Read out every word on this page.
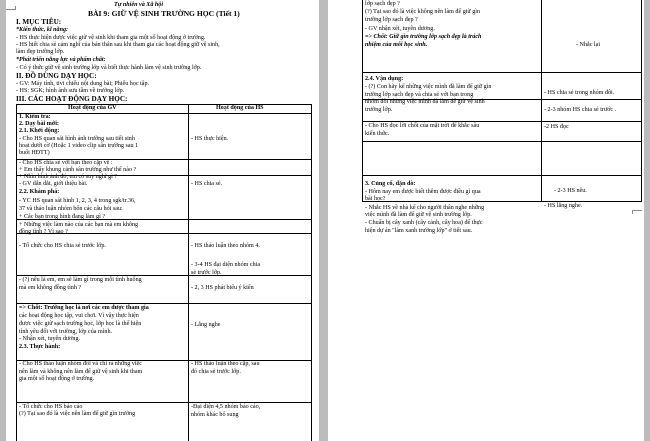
Tự nhiên và Xã hội
BÀI 9: GIỮ VỆ SINH TRƯỜNG HỌC (Tiết 1)
I. MỤC TIÊU:
*Kiến thức, kĩ năng:
- HS thực hiện được việc giữ vệ sinh khi tham gia một số hoạt động ở trường.
- HS biết chia sẻ cảm nghĩ của bản thân sau khi tham gia các hoạt động giữ vệ sinh,
làm đẹp trường lớp.
*Phát triển năng lực và phẩm chất:
- Có ý thức giữ vệ sinh trường lớp và biết thực hành làm vệ sinh trường lớp.
II. ĐỒ DÙNG DẠY HỌC:
- GV: Máy tính, tivi chiếu nội dung bài; Phiếu học tập.
- HS: SGK; hình ảnh sưu tầm về trường lớp.
III. CÁC HOẠT ĐỘNG DẠY HỌC:
Hoạt động của GV	Hoạt động của HS
1. Kiểm tra:
2. Dạy bài mới:
2.1. Khởi động:
- Cho HS quan sát hình ảnh trường sau tiết sinh
hoạt dưới cờ (Hoặc 1 video clip sân trường sau 1
buổi HĐTT)
- Cho HS chia sẻ với bạn theo cặp về :
+ Em thấy khung cảnh sân trường như thế nào ?
+ Nhìn hình ảnh đó, em có suy nghĩ gì ?
- GV dẫn dắt, giới thiệu bài.
2.2. Khám phá:
- YC HS quan sát hình 1, 2, 3, 4 trong sgk/tr.36,
37 và thảo luận nhóm bốn các câu hỏi sau:
+ Các bạn trong hình đang làm gì ?
+ Những việc làm nào của các bạn mà em không
đồng tình ? Vì sao ?
- Tổ chức cho HS chia sẻ trước lớp.
- (?) nêu là em, em sẽ làm gì trong mỗi tình huống
mà em không đồng tình ?
=> Chốt: Trường học là nơi các em được tham gia
các hoạt động học tập, vui chơi. Vì vậy thực hiện
được việc giữ sạch trường học, lớp học là thể hiện
tình yêu đối với trường, lớp của mình.
- Nhận xét, tuyên dương.
2.3. Thực hành:
- Cho HS thảo luận nhóm đôi và chỉ ra những việc
nên làm và không nên làm để giữ vệ sinh khi tham
gia một số hoạt động ở trường.
- Tổ chức cho HS báo cáo
(?) Tại sao đó là việc nên làm để giữ gìn trường
- HS thực hiện.
- HS chia sẻ.
- HS thảo luận theo nhóm 4.
- 3-4 HS đại diện nhóm chia
sẻ trước lớp.
- 2, 3 HS phát biểu ý kiến
- Lắng nghe
- HS thảo luận theo cặp, sau
đó chia sẻ trước lớp.
-Đại diện 4,5 nhóm báo cáo,
nhóm khác bổ sung
lớp sạch đẹp ?
(?) Tại sao đó là việc không nên làm để giữ gìn
trường lớp sạch đẹp ?
- GV nhận xét, tuyên dương.
=> Chốt: Giữ gìn trường lớp sạch đẹp là trách
nhiệm của mỗi học sinh.
2.4. Vận dụng:
- (?) Con hãy kể những việc mình đã làm để giữ gìn
trường lớp sạch đẹp và chia sẻ với bạn trong
nhóm đôi những việc mình đã làm để giữ vệ sinh
trường lớp.
- Cho HS đọc lời chốt của mặt trời để khắc sâu
kiến thức.
3. Củng cố, dặn dò:
- Hôm nay em được biết thêm được điều gì qua
bài học?
- Nhắc HS về nhà kể cho người thân nghe những
việc mình đã làm để giữ vệ sinh trường lớp.
- Chuẩn bị cây xanh (cây cảnh, cây hoa) để thực
hiện dự án "làm xanh trường lớp" ở tiết sau.
- Nhắc lại
- HS chia sẻ trong nhóm đôi.
- 2-3 nhóm HS chia sẻ trước .
-2 HS đọc
- 2-3 HS nêu.
- HS lắng nghe.
